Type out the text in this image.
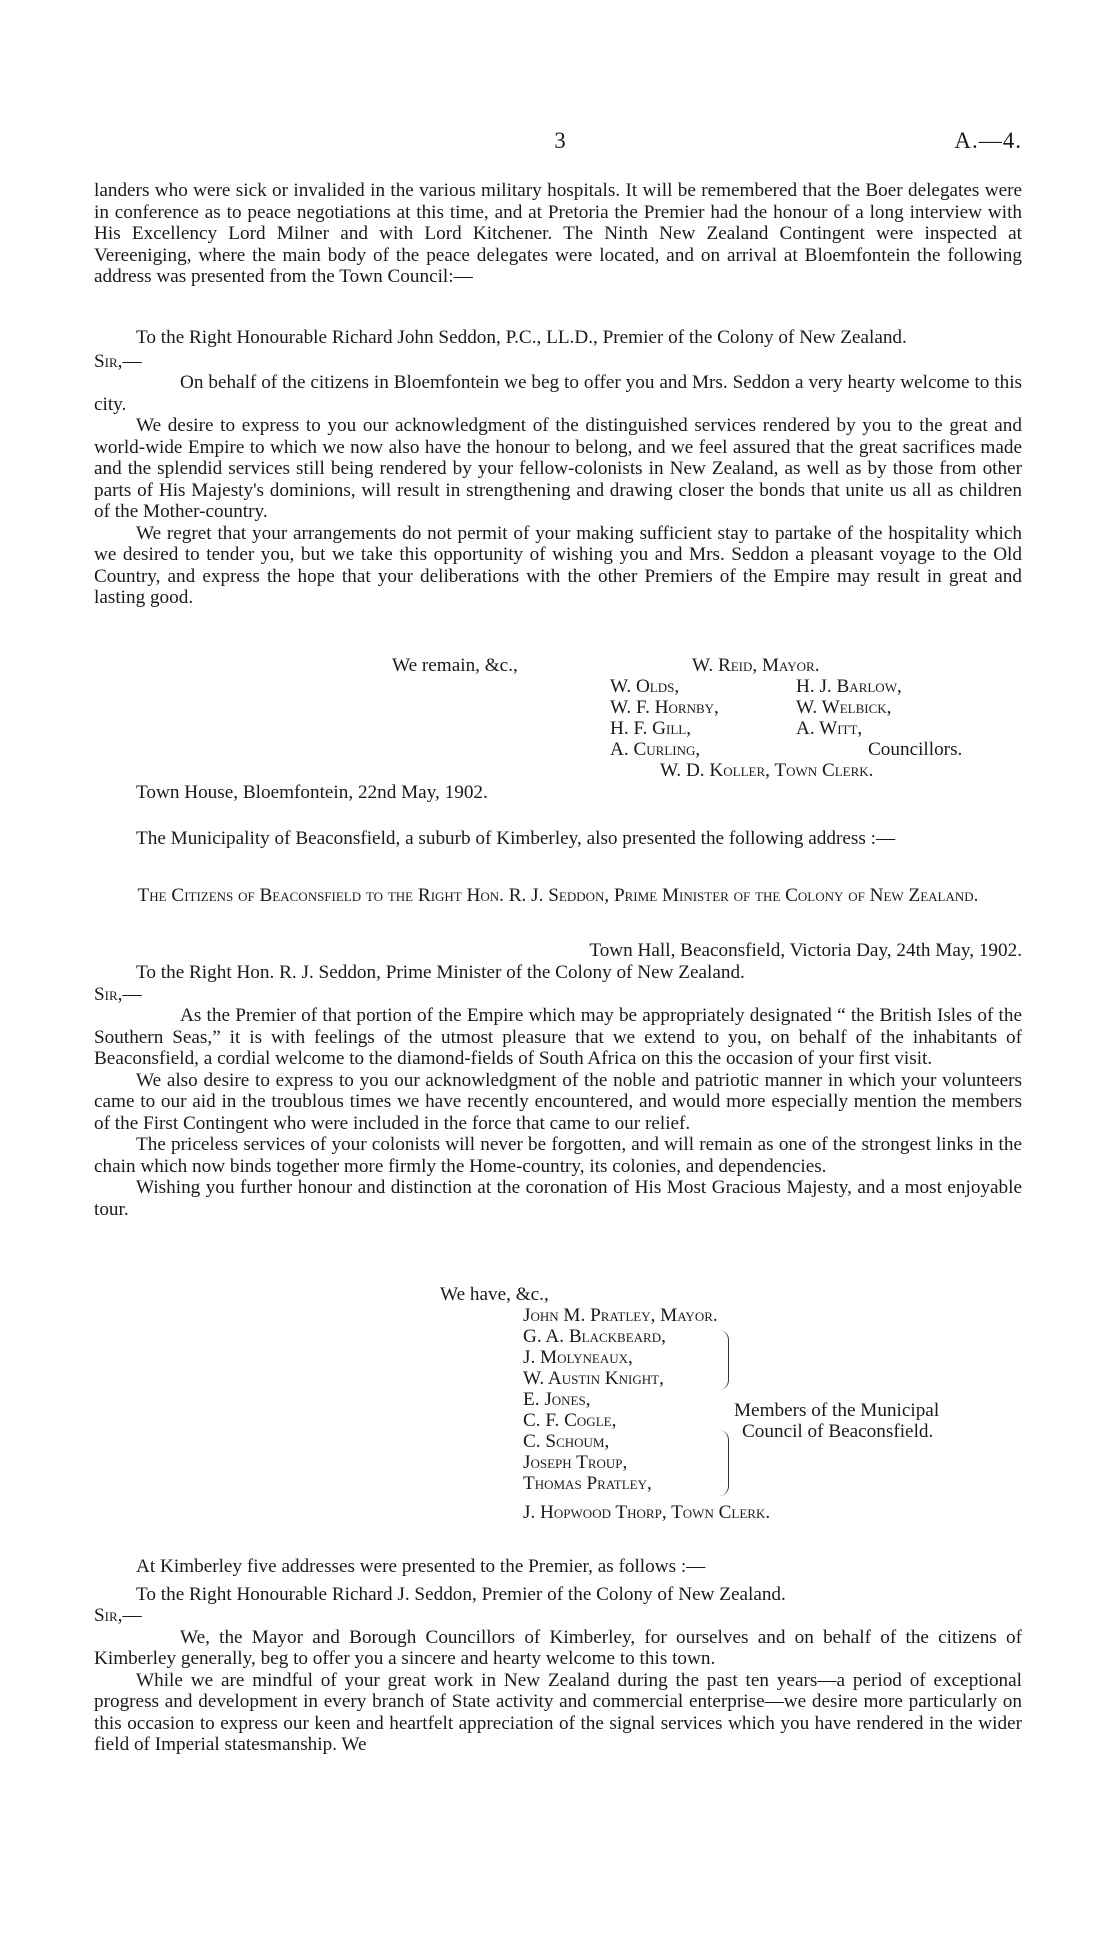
3	A.—4.

landers who were sick or invalided in the various military hospitals. It will be remembered that the Boer delegates were in conference as to peace negotiations at this time, and at Pretoria the Premier had the honour of a long interview with His Excellency Lord Milner and with Lord Kitchener. The Ninth New Zealand Contingent were inspected at Vereeniging, where the main body of the peace delegates were located, and on arrival at Bloemfontein the following address was presented from the Town Council:—

To the Right Honourable Richard John Seddon, P.C., LL.D., Premier of the Colony of New Zealand.

Sir,—

On behalf of the citizens in Bloemfontein we beg to offer you and Mrs. Seddon a very hearty welcome to this city.

We desire to express to you our acknowledgment of the distinguished services rendered by you to the great and world-wide Empire to which we now also have the honour to belong, and we feel assured that the great sacrifices made and the splendid services still being rendered by your fellow-colonists in New Zealand, as well as by those from other parts of His Majesty's dominions, will result in strengthening and drawing closer the bonds that unite us all as children of the Mother-country.

We regret that your arrangements do not permit of your making sufficient stay to partake of the hospitality which we desired to tender you, but we take this opportunity of wishing you and Mrs. Seddon a pleasant voyage to the Old Country, and express the hope that your deliberations with the other Premiers of the Empire may result in great and lasting good.

We remain, &c.,	W. Reid, Mayor.
W. Olds,
W. F. Hornby,
H. F. Gill,
A. Curling,
H. J. Barlow,
W. Welbick,
A. Witt,
Councillors.
W. D. Koller, Town Clerk.
Town House, Bloemfontein, 22nd May, 1902.

The Municipality of Beaconsfield, a suburb of Kimberley, also presented the following address :—

The Citizens of Beaconsfield to the Right Hon. R. J. Seddon, Prime Minister of the Colony of New Zealand.

Town Hall, Beaconsfield, Victoria Day, 24th May, 1902.

To the Right Hon. R. J. Seddon, Prime Minister of the Colony of New Zealand.

Sir,—

As the Premier of that portion of the Empire which may be appropriately designated “ the British Isles of the Southern Seas,” it is with feelings of the utmost pleasure that we extend to you, on behalf of the inhabitants of Beaconsfield, a cordial welcome to the diamond-fields of South Africa on this the occasion of your first visit.

We also desire to express to you our acknowledgment of the noble and patriotic manner in which your volunteers came to our aid in the troublous times we have recently encountered, and would more especially mention the members of the First Contingent who were included in the force that came to our relief.

The priceless services of your colonists will never be forgotten, and will remain as one of the strongest links in the chain which now binds together more firmly the Home-country, its colonies, and dependencies.

Wishing you further honour and distinction at the coronation of His Most Gracious Majesty, and a most enjoyable tour.

We have, &c.,
John M. Pratley, Mayor.
G. A. Blackbeard,
J. Molyneaux,
W. Austin Knight,
E. Jones,
C. F. Cogle,
C. Schoum,
Joseph Troup,
Thomas Pratley,
Members of the Municipal
Council of Beaconsfield.
J. Hopwood Thorp, Town Clerk.

At Kimberley five addresses were presented to the Premier, as follows :—

To the Right Honourable Richard J. Seddon, Premier of the Colony of New Zealand.

Sir,—

We, the Mayor and Borough Councillors of Kimberley, for ourselves and on behalf of the citizens of Kimberley generally, beg to offer you a sincere and hearty welcome to this town.

While we are mindful of your great work in New Zealand during the past ten years—a period of exceptional progress and development in every branch of State activity and commercial enterprise—we desire more particularly on this occasion to express our keen and heartfelt appreciation of the signal services which you have rendered in the wider field of Imperial statesmanship. We
